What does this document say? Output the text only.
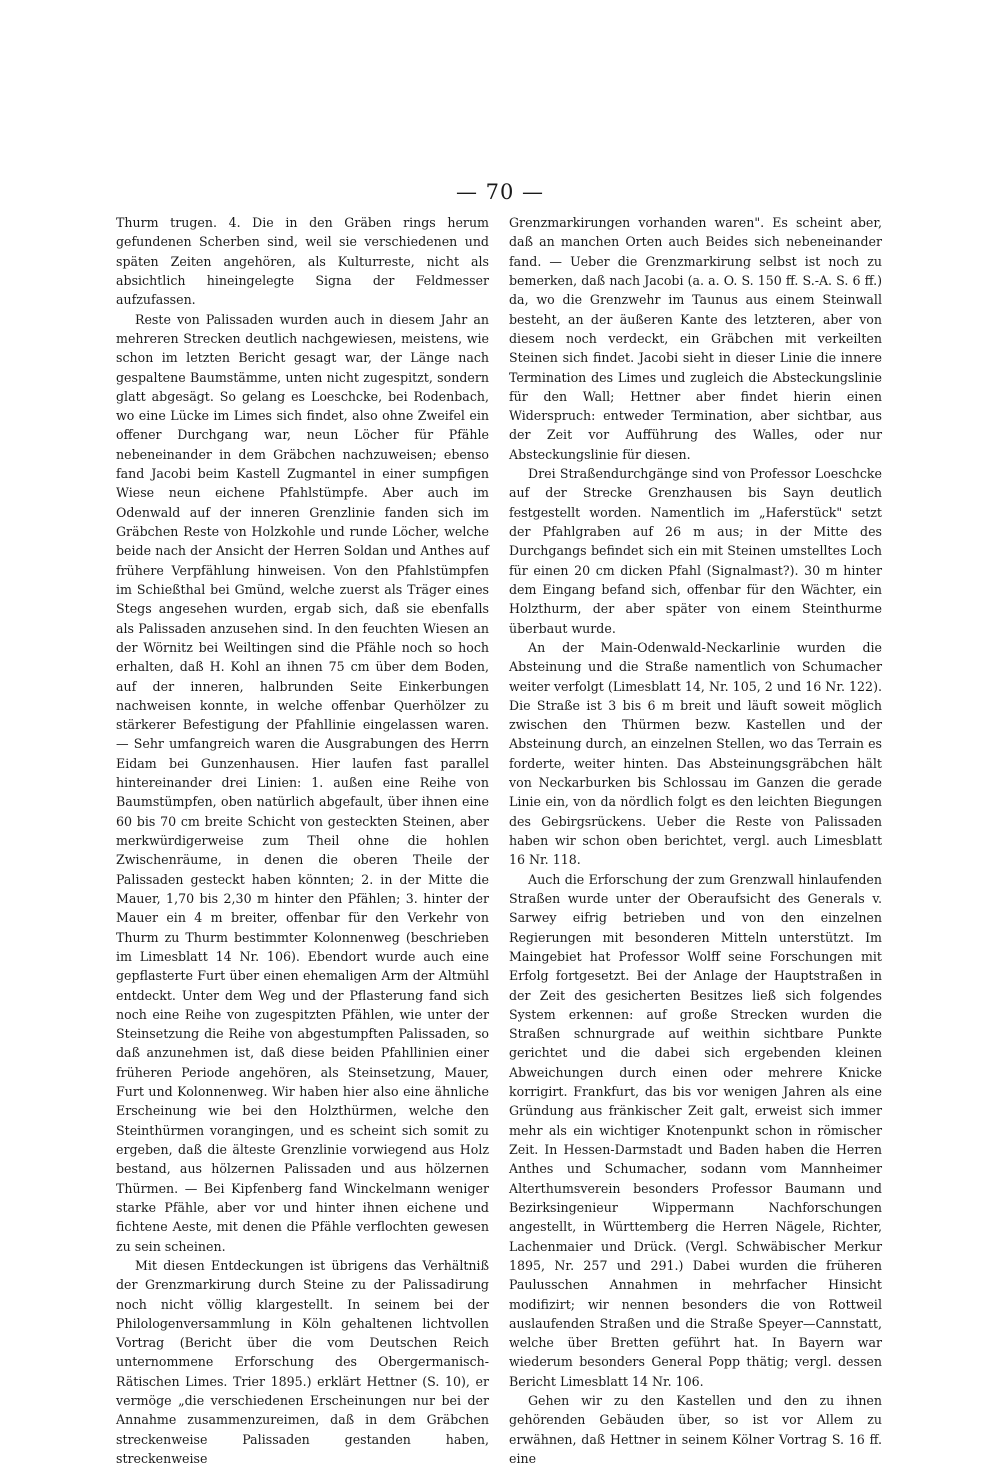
— 70 —

Thurm trugen. 4. Die in den Gräben rings herum gefundenen Scherben sind, weil sie verschiedenen und späten Zeiten angehören, als Kulturreste, nicht als absichtlich hineingelegte Signa der Feldmesser aufzufassen.

Reste von Palissaden wurden auch in diesem Jahr an mehreren Strecken deutlich nachgewiesen, meistens, wie schon im letzten Bericht gesagt war, der Länge nach gespaltene Baumstämme, unten nicht zugespitzt, sondern glatt abgesägt. So gelang es Loeschcke, bei Rodenbach, wo eine Lücke im Limes sich findet, also ohne Zweifel ein offener Durchgang war, neun Löcher für Pfähle nebeneinander in dem Gräbchen nachzuweisen; ebenso fand Jacobi beim Kastell Zugmantel in einer sumpfigen Wiese neun eichene Pfahlstümpfe. Aber auch im Odenwald auf der inneren Grenzlinie fanden sich im Gräbchen Reste von Holzkohle und runde Löcher, welche beide nach der Ansicht der Herren Soldan und Anthes auf frühere Verpfählung hinweisen. Von den Pfahlstümpfen im Schießthal bei Gmünd, welche zuerst als Träger eines Stegs angesehen wurden, ergab sich, daß sie ebenfalls als Palissaden anzusehen sind. In den feuchten Wiesen an der Wörnitz bei Weiltingen sind die Pfähle noch so hoch erhalten, daß H. Kohl an ihnen 75 cm über dem Boden, auf der inneren, halbrunden Seite Einkerbungen nachweisen konnte, in welche offenbar Querhölzer zu stärkerer Befestigung der Pfahllinie eingelassen waren. — Sehr umfangreich waren die Ausgrabungen des Herrn Eidam bei Gunzenhausen. Hier laufen fast parallel hintereinander drei Linien: 1. außen eine Reihe von Baumstümpfen, oben natürlich abgefault, über ihnen eine 60 bis 70 cm breite Schicht von gesteckten Steinen, aber merkwürdigerweise zum Theil ohne die hohlen Zwischenräume, in denen die oberen Theile der Palissaden gesteckt haben könnten; 2. in der Mitte die Mauer, 1,70 bis 2,30 m hinter den Pfählen; 3. hinter der Mauer ein 4 m breiter, offenbar für den Verkehr von Thurm zu Thurm bestimmter Kolonnenweg (beschrieben im Limesblatt 14 Nr. 106). Ebendort wurde auch eine gepflasterte Furt über einen ehemaligen Arm der Altmühl entdeckt. Unter dem Weg und der Pflasterung fand sich noch eine Reihe von zugespitzten Pfählen, wie unter der Steinsetzung die Reihe von abgestumpften Palissaden, so daß anzunehmen ist, daß diese beiden Pfahllinien einer früheren Periode angehören, als Steinsetzung, Mauer, Furt und Kolonnenweg. Wir haben hier also eine ähnliche Erscheinung wie bei den Holzthürmen, welche den Steinthürmen vorangingen, und es scheint sich somit zu ergeben, daß die älteste Grenzlinie vorwiegend aus Holz bestand, aus hölzernen Palissaden und aus hölzernen Thürmen. — Bei Kipfenberg fand Winckelmann weniger starke Pfähle, aber vor und hinter ihnen eichene und fichtene Aeste, mit denen die Pfähle verflochten gewesen zu sein scheinen.

Mit diesen Entdeckungen ist übrigens das Verhältniß der Grenzmarkirung durch Steine zu der Palissadirung noch nicht völlig klargestellt. In seinem bei der Philologenversammlung in Köln gehaltenen lichtvollen Vortrag (Bericht über die vom Deutschen Reich unternommene Erforschung des Obergermanisch-Rätischen Limes. Trier 1895.) erklärt Hettner (S. 10), er vermöge „die verschiedenen Erscheinungen nur bei der Annahme zusammenzureimen, daß in dem Gräbchen streckenweise Palissaden gestanden haben, streckenweise

Grenzmarkirungen vorhanden waren". Es scheint aber, daß an manchen Orten auch Beides sich nebeneinander fand. — Ueber die Grenzmarkirung selbst ist noch zu bemerken, daß nach Jacobi (a. a. O. S. 150 ff. S.-A. S. 6 ff.) da, wo die Grenzwehr im Taunus aus einem Steinwall besteht, an der äußeren Kante des letzteren, aber von diesem noch verdeckt, ein Gräbchen mit verkeilten Steinen sich findet. Jacobi sieht in dieser Linie die innere Termination des Limes und zugleich die Absteckungslinie für den Wall; Hettner aber findet hierin einen Widerspruch: entweder Termination, aber sichtbar, aus der Zeit vor Aufführung des Walles, oder nur Absteckungslinie für diesen.

Drei Straßendurchgänge sind von Professor Loeschcke auf der Strecke Grenzhausen bis Sayn deutlich festgestellt worden. Namentlich im „Haferstück" setzt der Pfahlgraben auf 26 m aus; in der Mitte des Durchgangs befindet sich ein mit Steinen umstelltes Loch für einen 20 cm dicken Pfahl (Signalmast?). 30 m hinter dem Eingang befand sich, offenbar für den Wächter, ein Holzthurm, der aber später von einem Steinthurme überbaut wurde.

An der Main-Odenwald-Neckarlinie wurden die Absteinung und die Straße namentlich von Schumacher weiter verfolgt (Limesblatt 14, Nr. 105, 2 und 16 Nr. 122). Die Straße ist 3 bis 6 m breit und läuft soweit möglich zwischen den Thürmen bezw. Kastellen und der Absteinung durch, an einzelnen Stellen, wo das Terrain es forderte, weiter hinten. Das Absteinungsgräbchen hält von Neckarburken bis Schlossau im Ganzen die gerade Linie ein, von da nördlich folgt es den leichten Biegungen des Gebirgsrückens. Ueber die Reste von Palissaden haben wir schon oben berichtet, vergl. auch Limesblatt 16 Nr. 118.

Auch die Erforschung der zum Grenzwall hinlaufenden Straßen wurde unter der Oberaufsicht des Generals v. Sarwey eifrig betrieben und von den einzelnen Regierungen mit besonderen Mitteln unterstützt. Im Maingebiet hat Professor Wolff seine Forschungen mit Erfolg fortgesetzt. Bei der Anlage der Hauptstraßen in der Zeit des gesicherten Besitzes ließ sich folgendes System erkennen: auf große Strecken wurden die Straßen schnurgrade auf weithin sichtbare Punkte gerichtet und die dabei sich ergebenden kleinen Abweichungen durch einen oder mehrere Knicke korrigirt. Frankfurt, das bis vor wenigen Jahren als eine Gründung aus fränkischer Zeit galt, erweist sich immer mehr als ein wichtiger Knotenpunkt schon in römischer Zeit. In Hessen-Darmstadt und Baden haben die Herren Anthes und Schumacher, sodann vom Mannheimer Alterthumsverein besonders Professor Baumann und Bezirksingenieur Wippermann Nachforschungen angestellt, in Württemberg die Herren Nägele, Richter, Lachenmaier und Drück. (Vergl. Schwäbischer Merkur 1895, Nr. 257 und 291.) Dabei wurden die früheren Paulusschen Annahmen in mehrfacher Hinsicht modifizirt; wir nennen besonders die von Rottweil auslaufenden Straßen und die Straße Speyer—Cannstatt, welche über Bretten geführt hat. In Bayern war wiederum besonders General Popp thätig; vergl. dessen Bericht Limesblatt 14 Nr. 106.

Gehen wir zu den Kastellen und den zu ihnen gehörenden Gebäuden über, so ist vor Allem zu erwähnen, daß Hettner in seinem Kölner Vortrag S. 16 ff. eine
